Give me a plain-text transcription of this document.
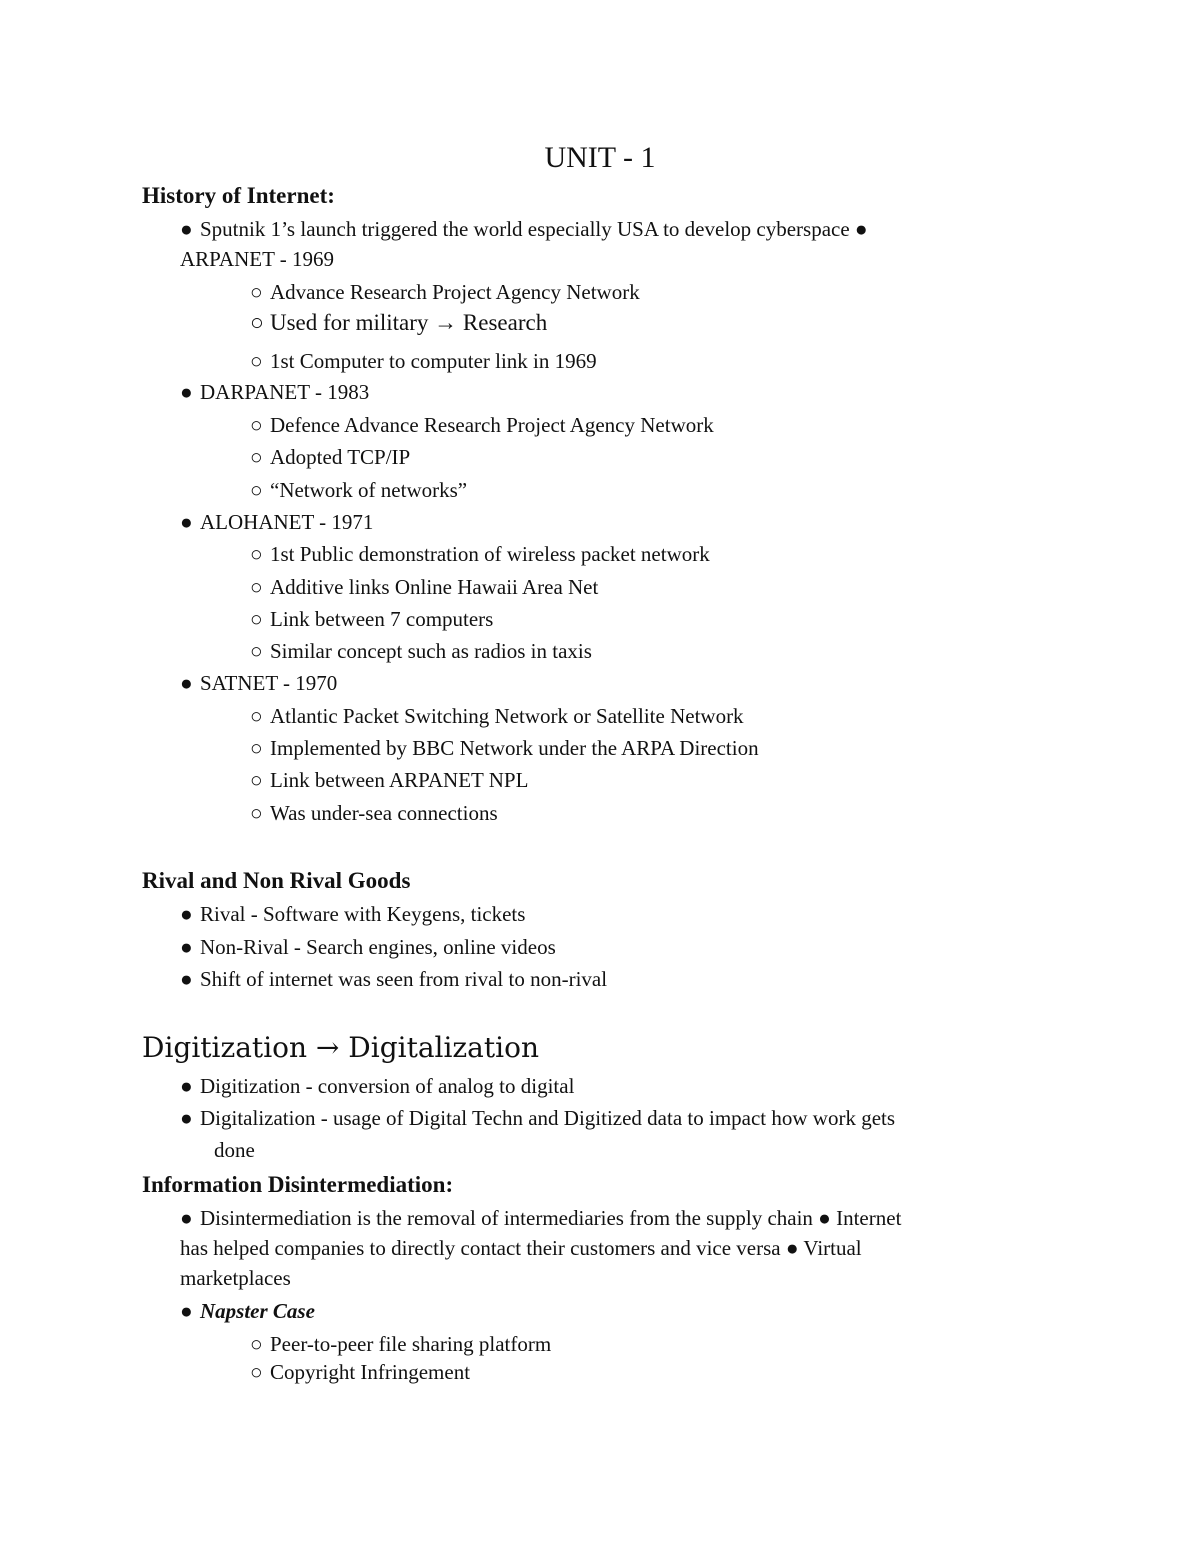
UNIT - 1
History of Internet:
● Sputnik 1’s launch triggered the world especially USA to develop cyberspace ●
ARPANET - 1969
○ Advance Research Project Agency Network
○ Used for military → Research
○ 1st Computer to computer link in 1969
● DARPANET - 1983
○ Defence Advance Research Project Agency Network
○ Adopted TCP/IP
○ “Network of networks”
● ALOHANET - 1971
○ 1st Public demonstration of wireless packet network
○ Additive links Online Hawaii Area Net
○ Link between 7 computers
○ Similar concept such as radios in taxis
● SATNET - 1970
○ Atlantic Packet Switching Network or Satellite Network
○ Implemented by BBC Network under the ARPA Direction
○ Link between ARPANET NPL
○ Was under-sea connections
Rival and Non Rival Goods
● Rival - Software with Keygens, tickets
● Non-Rival - Search engines, online videos
● Shift of internet was seen from rival to non-rival
Digitization → Digitalization
● Digitization - conversion of analog to digital
● Digitalization - usage of Digital Techn and Digitized data to impact how work gets
done
Information Disintermediation:
● Disintermediation is the removal of intermediaries from the supply chain ● Internet
has helped companies to directly contact their customers and vice versa ● Virtual
marketplaces
● Napster Case
○ Peer-to-peer file sharing platform
○ Copyright Infringement
